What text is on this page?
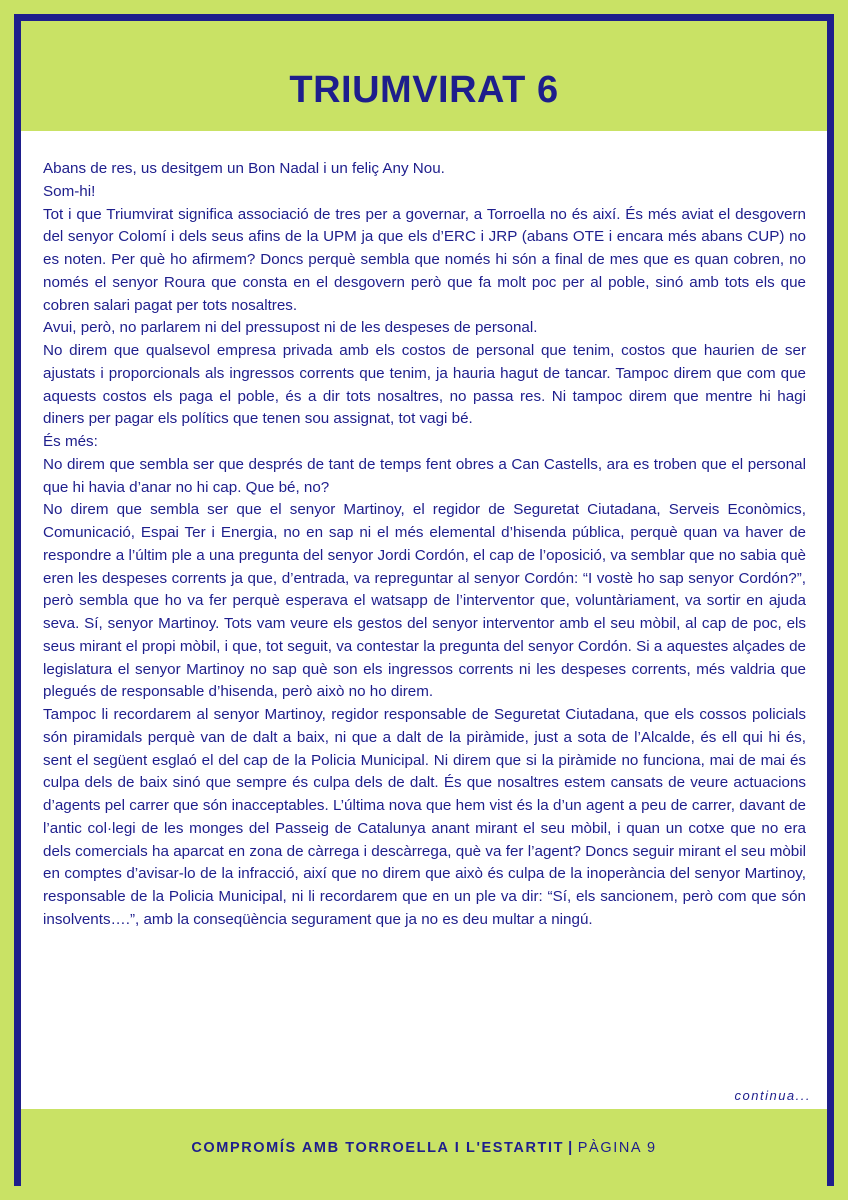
TRIUMVIRAT 6

Abans de res, us desitgem un Bon Nadal i un feliç Any Nou.

Som-hi!

Tot i que Triumvirat significa associació de tres per a governar, a Torroella no és així. És més aviat el desgovern del senyor Colomí i dels seus afins de la UPM ja que els d’ERC i JRP (abans OTE i encara més abans CUP) no es noten. Per què ho afirmem? Doncs perquè sembla que només hi són a final de mes que es quan cobren, no només el senyor Roura que consta en el desgovern però que fa molt poc per al poble, sinó amb tots els que cobren salari pagat per tots nosaltres.

Avui, però, no parlarem ni del pressupost ni de les despeses de personal.

No direm que qualsevol empresa privada amb els costos de personal que tenim, costos que haurien de ser ajustats i proporcionals als ingressos corrents que tenim, ja hauria hagut de tancar. Tampoc direm que com que aquests costos els paga el poble, és a dir tots nosaltres, no passa res. Ni tampoc direm que mentre hi hagi diners per pagar els polítics que tenen sou assignat, tot vagi bé.

És més:

No direm que sembla ser que després de tant de temps fent obres a Can Castells, ara es troben que el personal que hi havia d’anar no hi cap. Que bé, no?

No direm que sembla ser que el senyor Martinoy, el regidor de Seguretat Ciutadana, Serveis Econòmics, Comunicació, Espai Ter i Energia, no en sap ni el més elemental d’hisenda pública, perquè quan va haver de respondre a l’últim ple a una pregunta del senyor Jordi Cordón, el cap de l’oposició, va semblar que no sabia què eren les despeses corrents ja que, d’entrada, va repreguntar al senyor Cordón: “I vostè ho sap senyor Cordón?”, però sembla que ho va fer perquè esperava el watsapp de l’interventor que, voluntàriament, va sortir en ajuda seva. Sí, senyor Martinoy. Tots vam veure els gestos del senyor interventor amb el seu mòbil, al cap de poc, els seus mirant el propi mòbil, i que, tot seguit, va contestar la pregunta del senyor Cordón. Si a aquestes alçades de legislatura el senyor Martinoy no sap què son els ingressos corrents ni les despeses corrents, més valdria que plegués de responsable d’hisenda, però això no ho direm.

Tampoc li recordarem al senyor Martinoy, regidor responsable de Seguretat Ciutadana, que els cossos policials són piramidals perquè van de dalt a baix, ni que a dalt de la piràmide, just a sota de l’Alcalde, és ell qui hi és, sent el següent esglaó el del cap de la Policia Municipal. Ni direm que si la piràmide no funciona, mai de mai és culpa dels de baix sinó que sempre és culpa dels de dalt. És que nosaltres estem cansats de veure actuacions d’agents pel carrer que són inacceptables. L’última nova que hem vist és la d’un agent a peu de carrer, davant de l’antic col·legi de les monges del Passeig de Catalunya anant mirant el seu mòbil, i quan un cotxe que no era dels comercials ha aparcat en zona de càrrega i descàrrega, què va fer l’agent? Doncs seguir mirant el seu mòbil en comptes d’avisar-lo de la infracció, així que no direm que això és culpa de la inoperància del senyor Martinoy, responsable de la Policia Municipal, ni li recordarem que en un ple va dir: “Sí, els sancionem, però com que són insolvents….”, amb la conseqüència segurament que ja no es deu multar a ningú.

continua...
COMPROMÍS AMB TORROELLA I L'ESTARTIT | PÀGINA 9
